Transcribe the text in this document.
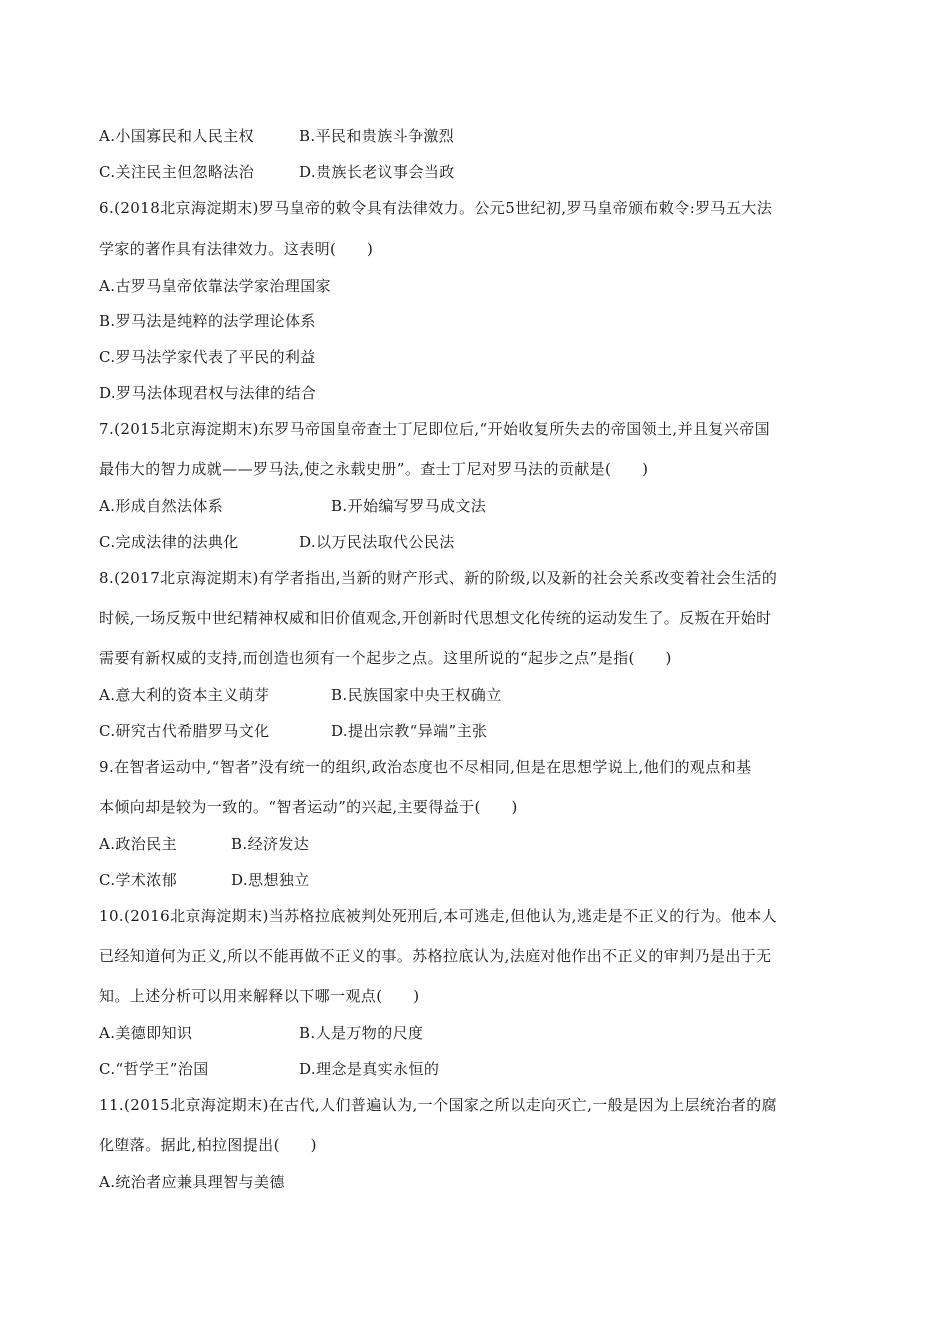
A.小国寡民和人民主权	B.平民和贵族斗争激烈
C.关注民主但忽略法治	D.贵族长老议事会当政
6.(2018北京海淀期末)罗马皇帝的敕令具有法律效力。公元5世纪初,罗马皇帝颁布敕令:罗马五大法
学家的著作具有法律效力。这表明(　　)
A.古罗马皇帝依靠法学家治理国家
B.罗马法是纯粹的法学理论体系
C.罗马法学家代表了平民的利益
D.罗马法体现君权与法律的结合
7.(2015北京海淀期末)东罗马帝国皇帝查士丁尼即位后,“开始收复所失去的帝国领土,并且复兴帝国
最伟大的智力成就——罗马法,使之永载史册”。查士丁尼对罗马法的贡献是(　　)
A.形成自然法体系	B.开始编写罗马成文法
C.完成法律的法典化	D.以万民法取代公民法
8.(2017北京海淀期末)有学者指出,当新的财产形式、新的阶级,以及新的社会关系改变着社会生活的
时候,一场反叛中世纪精神权威和旧价值观念,开创新时代思想文化传统的运动发生了。反叛在开始时
需要有新权威的支持,而创造也须有一个起步之点。这里所说的“起步之点”是指(　　)
A.意大利的资本主义萌芽	B.民族国家中央王权确立
C.研究古代希腊罗马文化	D.提出宗教“异端”主张
9.在智者运动中,“智者”没有统一的组织,政治态度也不尽相同,但是在思想学说上,他们的观点和基
本倾向却是较为一致的。“智者运动”的兴起,主要得益于(　　)
A.政治民主	B.经济发达
C.学术浓郁	D.思想独立
10.(2016北京海淀期末)当苏格拉底被判处死刑后,本可逃走,但他认为,逃走是不正义的行为。他本人
已经知道何为正义,所以不能再做不正义的事。苏格拉底认为,法庭对他作出不正义的审判乃是出于无
知。上述分析可以用来解释以下哪一观点(　　)
A.美德即知识	B.人是万物的尺度
C.“哲学王”治国	D.理念是真实永恒的
11.(2015北京海淀期末)在古代,人们普遍认为,一个国家之所以走向灭亡,一般是因为上层统治者的腐
化堕落。据此,柏拉图提出(　　)
A.统治者应兼具理智与美德
